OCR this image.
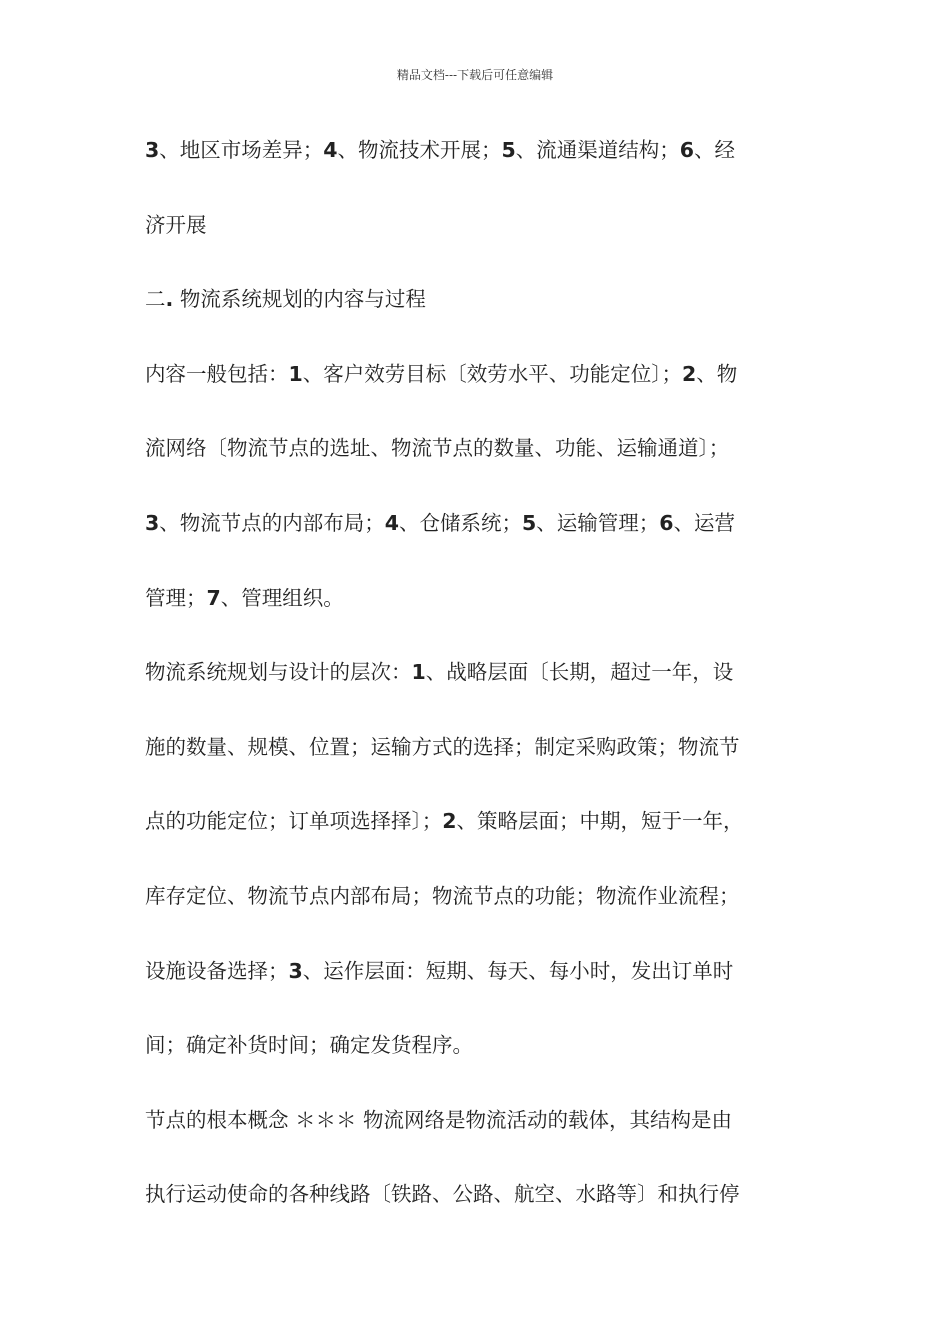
精品文档---下载后可任意编辑
3、地区市场差异；4、物流技术开展；5、流通渠道结构；6、经
济开展
二. 物流系统规划的内容与过程
内容一般包括：1、客户效劳目标〔效劳水平、功能定位〕；2、物
流网络〔物流节点的选址、物流节点的数量、功能、运输通道〕；
3、物流节点的内部布局；4、仓储系统；5、运输管理；6、运营
管理；7、管理组织。
物流系统规划与设计的层次：1、战略层面〔长期，超过一年，设
施的数量、规模、位置；运输方式的选择；制定采购政策；物流节
点的功能定位；订单项选择择〕；2、策略层面；中期，短于一年，
库存定位、物流节点内部布局；物流节点的功能；物流作业流程；
设施设备选择；3、运作层面：短期、每天、每小时，发出订单时
间；确定补货时间；确定发货程序。
节点的根本概念 ＊＊＊ 物流网络是物流活动的载体，其结构是由
执行运动使命的各种线路〔铁路、公路、航空、水路等〕和执行停
